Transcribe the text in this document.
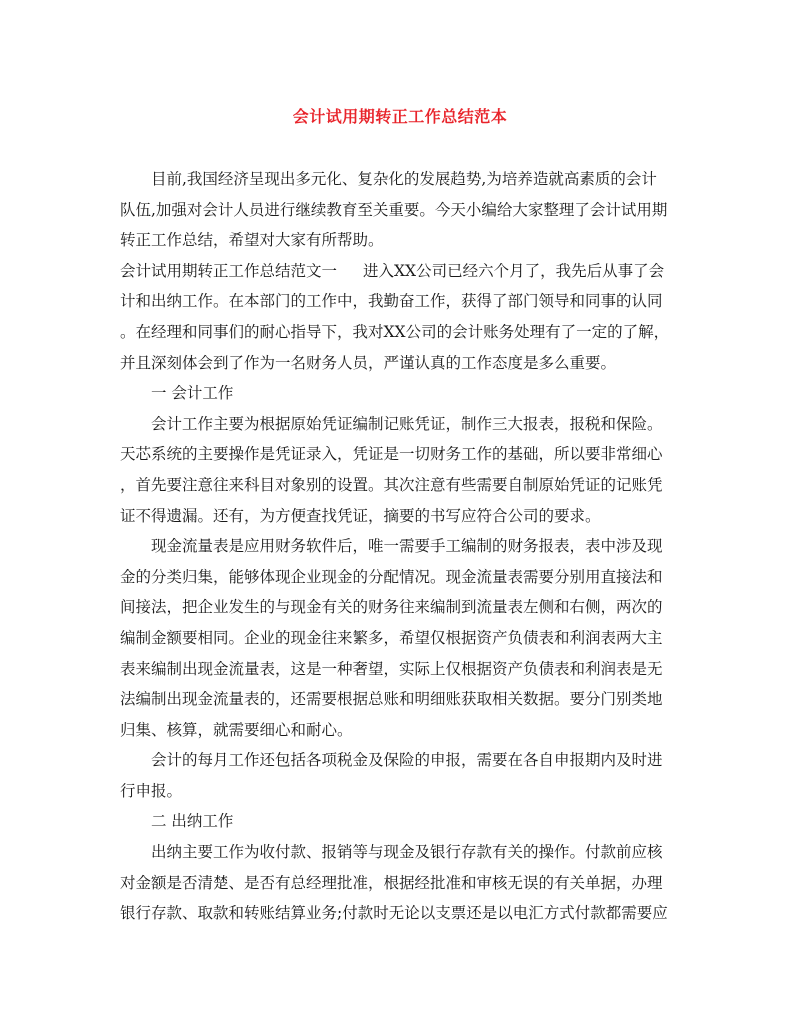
会计试用期转正工作总结范本
目前,我国经济呈现出多元化、复杂化的发展趋势,为培养造就高素质的会计
队伍,加强对会计人员进行继续教育至关重要。今天小编给大家整理了会计试用期
转正工作总结，希望对大家有所帮助。
会计试用期转正工作总结范文一 进入XX公司已经六个月了，我先后从事了会
计和出纳工作。在本部门的工作中，我勤奋工作，获得了部门领导和同事的认同
。在经理和同事们的耐心指导下，我对XX公司的会计账务处理有了一定的了解，
并且深刻体会到了作为一名财务人员，严谨认真的工作态度是多么重要。
一 会计工作
会计工作主要为根据原始凭证编制记账凭证，制作三大报表，报税和保险。
天芯系统的主要操作是凭证录入，凭证是一切财务工作的基础，所以要非常细心
，首先要注意往来科目对象别的设置。其次注意有些需要自制原始凭证的记账凭
证不得遗漏。还有，为方便查找凭证，摘要的书写应符合公司的要求。
现金流量表是应用财务软件后，唯一需要手工编制的财务报表，表中涉及现
金的分类归集，能够体现企业现金的分配情况。现金流量表需要分别用直接法和
间接法，把企业发生的与现金有关的财务往来编制到流量表左侧和右侧，两次的
编制金额要相同。企业的现金往来繁多，希望仅根据资产负债表和利润表两大主
表来编制出现金流量表，这是一种奢望，实际上仅根据资产负债表和利润表是无
法编制出现金流量表的，还需要根据总账和明细账获取相关数据。要分门别类地
归集、核算，就需要细心和耐心。
会计的每月工作还包括各项税金及保险的申报，需要在各自申报期内及时进
行申报。
二 出纳工作
出纳主要工作为收付款、报销等与现金及银行存款有关的操作。付款前应核
对金额是否清楚、是否有总经理批准，根据经批准和审核无误的有关单据，办理
银行存款、取款和转账结算业务;付款时无论以支票还是以电汇方式付款都需要应
